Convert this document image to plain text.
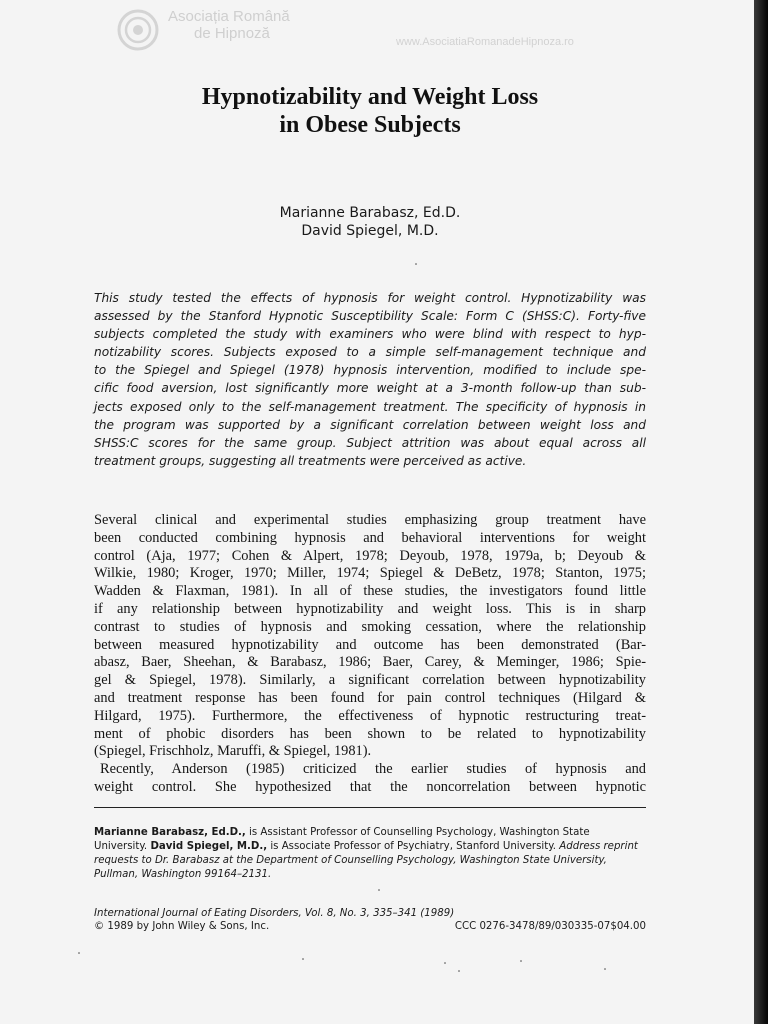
Asociația Română
de Hipnoză	www.AsociatiaRomanadeHipnoza.ro
Hypnotizability and Weight Loss
in Obese Subjects
Marianne Barabasz, Ed.D.
David Spiegel, M.D.
This study tested the effects of hypnosis for weight control. Hypnotizability was
assessed by the Stanford Hypnotic Susceptibility Scale: Form C (SHSS:C). Forty-five
subjects completed the study with examiners who were blind with respect to hyp-
notizability scores. Subjects exposed to a simple self-management technique and
to the Spiegel and Spiegel (1978) hypnosis intervention, modified to include spe-
cific food aversion, lost significantly more weight at a 3-month follow-up than sub-
jects exposed only to the self-management treatment. The specificity of hypnosis in
the program was supported by a significant correlation between weight loss and
SHSS:C scores for the same group. Subject attrition was about equal across all
treatment groups, suggesting all treatments were perceived as active.
Several clinical and experimental studies emphasizing group treatment have
been conducted combining hypnosis and behavioral interventions for weight
control (Aja, 1977; Cohen & Alpert, 1978; Deyoub, 1978, 1979a, b; Deyoub &
Wilkie, 1980; Kroger, 1970; Miller, 1974; Spiegel & DeBetz, 1978; Stanton, 1975;
Wadden & Flaxman, 1981). In all of these studies, the investigators found little
if any relationship between hypnotizability and weight loss. This is in sharp
contrast to studies of hypnosis and smoking cessation, where the relationship
between measured hypnotizability and outcome has been demonstrated (Bar-
abasz, Baer, Sheehan, & Barabasz, 1986; Baer, Carey, & Meminger, 1986; Spie-
gel & Spiegel, 1978). Similarly, a significant correlation between hypnotizability
and treatment response has been found for pain control techniques (Hilgard &
Hilgard, 1975). Furthermore, the effectiveness of hypnotic restructuring treat-
ment of phobic disorders has been shown to be related to hypnotizability
(Spiegel, Frischholz, Maruffi, & Spiegel, 1981).
Recently, Anderson (1985) criticized the earlier studies of hypnosis and
weight control. She hypothesized that the noncorrelation between hypnotic
Marianne Barabasz, Ed.D., is Assistant Professor of Counselling Psychology, Washington State University. David Spiegel, M.D., is Associate Professor of Psychiatry, Stanford University. Address reprint requests to Dr. Barabasz at the Department of Counselling Psychology, Washington State University, Pullman, Washington 99164–2131.
International Journal of Eating Disorders, Vol. 8, No. 3, 335–341 (1989)
© 1989 by John Wiley & Sons, Inc.	CCC 0276-3478/89/030335-07$04.00
